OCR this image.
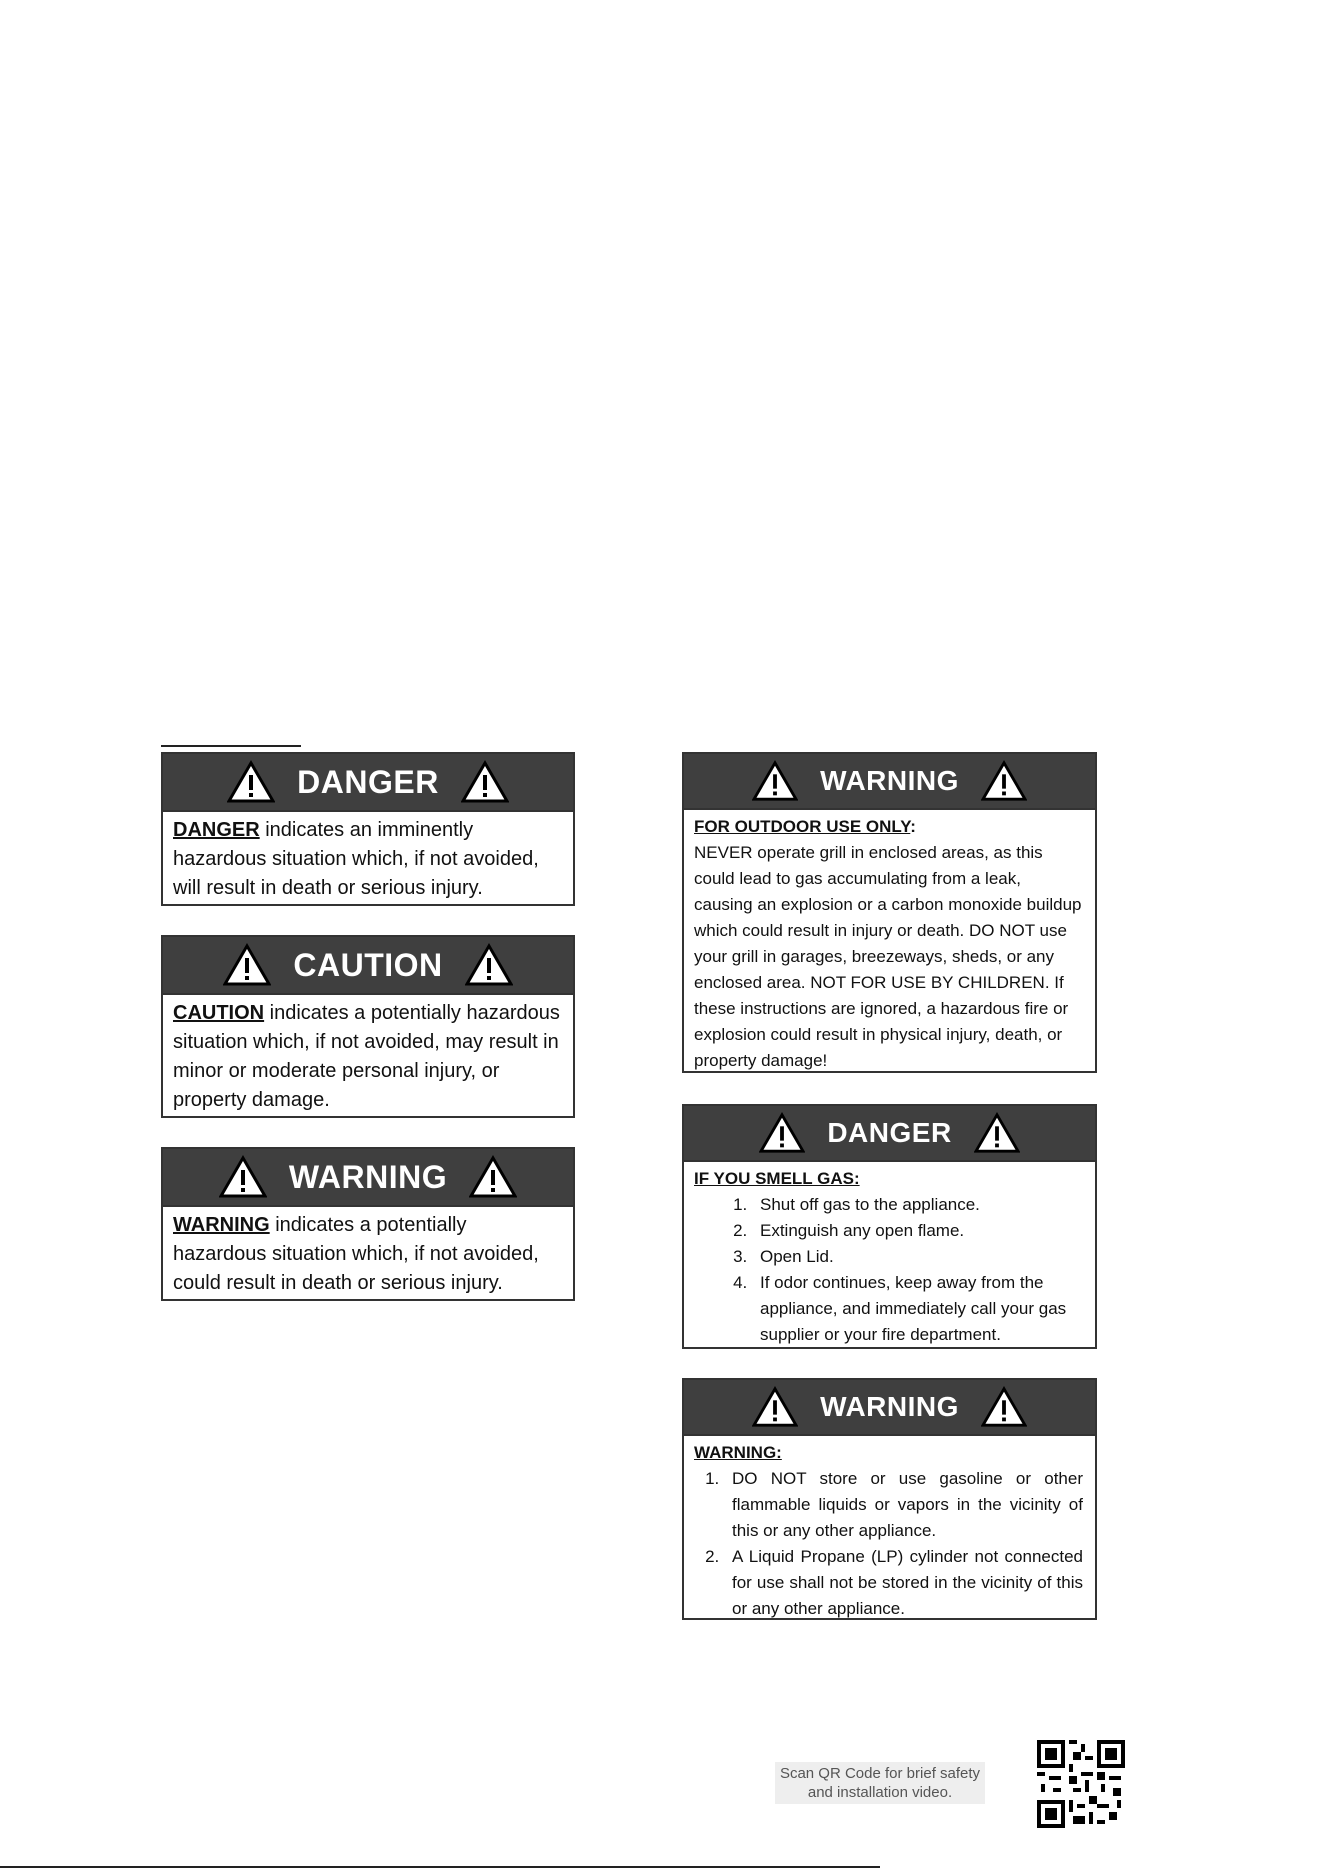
DANGER
DANGER indicates an imminently hazardous situation which, if not avoided, will result in death or serious injury.
CAUTION
CAUTION indicates a potentially hazardous situation which, if not avoided, may result in minor or moderate personal injury, or property damage.
WARNING
WARNING indicates a potentially hazardous situation which, if not avoided, could result in death or serious injury.
WARNING
FOR OUTDOOR USE ONLY:
NEVER operate grill in enclosed areas, as this could lead to gas accumulating from a leak, causing an explosion or a carbon monoxide buildup which could result in injury or death. DO NOT use your grill in garages, breezeways, sheds, or any enclosed area. NOT FOR USE BY CHILDREN. If these instructions are ignored, a hazardous fire or explosion could result in physical injury, death, or property damage!
DANGER
IF YOU SMELL GAS:
1. Shut off gas to the appliance.
2. Extinguish any open flame.
3. Open Lid.
4. If odor continues, keep away from the appliance, and immediately call your gas supplier or your fire department.
WARNING
WARNING:
1. DO NOT store or use gasoline or other flammable liquids or vapors in the vicinity of this or any other appliance.
2. A Liquid Propane (LP) cylinder not connected for use shall not be stored in the vicinity of this or any other appliance.
Scan QR Code for brief safety and installation video.
